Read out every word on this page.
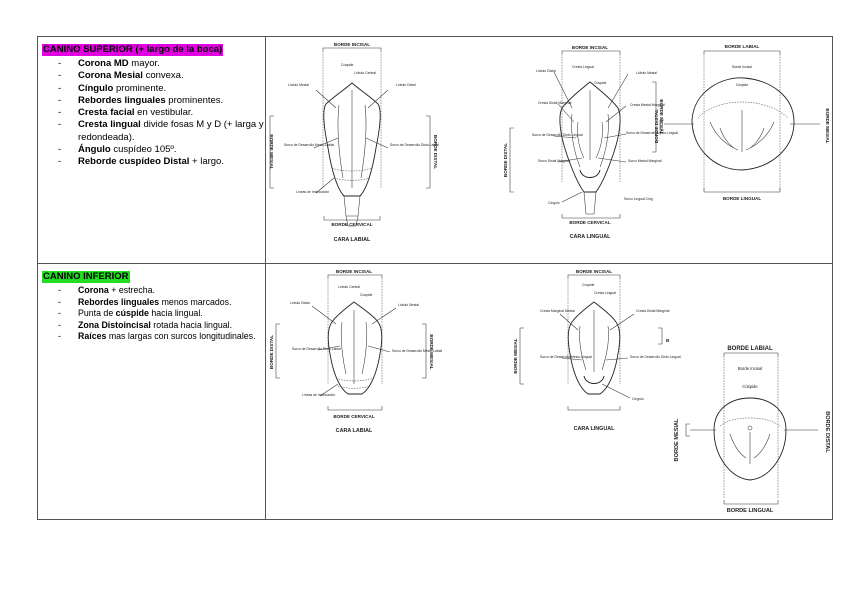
CANINO SUPERIOR (+ largo de la boca)
- Corona MD mayor.
- Corona Mesial convexa.
- Cíngulo prominente.
- Rebordes linguales prominentes.
- Cresta facial en vestibular.
- Cresta lingual divide fosas M y D (+ larga y redondeada).
- Ángulo cuspídeo 105º.
- Reborde cuspídeo Distal + largo.
CANINO INFERIOR
- Corona + estrecha.
- Rebordes linguales menos marcados.
- Punta de cúspide hacia lingual.
- Zona Distoincisal rotada hacia lingual.
- Raíces mas largas con surcos longitudinales.
BORDE INCISAL
Lóbulo Mesial
Cúspide
Lóbulo Central
Lóbulo Distal
Surco de Desarrollo Mesio-Labial	Surco de Desarrollo Disto-Labial
Líneas de Imbricación
BORDE MESIAL	BORDE DISTAL
BORDE CERVICAL
CARA LABIAL
BORDE INCISAL
Lóbulo Distal
Cresta Lingual
Cúspide
Lóbulo Mesial
Cresta Distal Marginal	Cresta Mesial Marginal
Surco de Desarrollo Disto-Lingual	Surco de Desarrollo Mesio-Lingual
Surco Distal Marginal	Surco Mesial Marginal
Cíngulo
Surco Lingual Cing
BORDE DISTAL
BORDE MESIAL
BORDE CERVICAL
CARA LINGUAL
BORDE LABIAL
Borde Incisal
Cúspide
BORDE DISTAL	BORDE MESIAL
BORDE LINGUAL
BORDE INCISAL
Lóbulo Distal
Lóbulo Central
Cúspide
Lóbulo Mesial
Surco de Desarrollo Disto-Labial	Surco de Desarrollo Mesio-Labial
Líneas de Imbricación
BORDE DISTAL	BORDE MESIAL
BORDE CERVICAL
CARA LABIAL
BORDE INCISAL
Cúspide
Cresta Lingual
Cresta Marginal Mesial	Cresta Distal Marginal
Surco de Desarrollo Mesio-Lingual	Surco de Desarrollo Disto-Lingual
Cíngulo
BORDE MESIAL	B
CARA LINGUAL
BORDE LABIAL
Borde Incisal
Cúspide
BORDE MESIAL	BORDE DISTAL
BORDE LINGUAL
